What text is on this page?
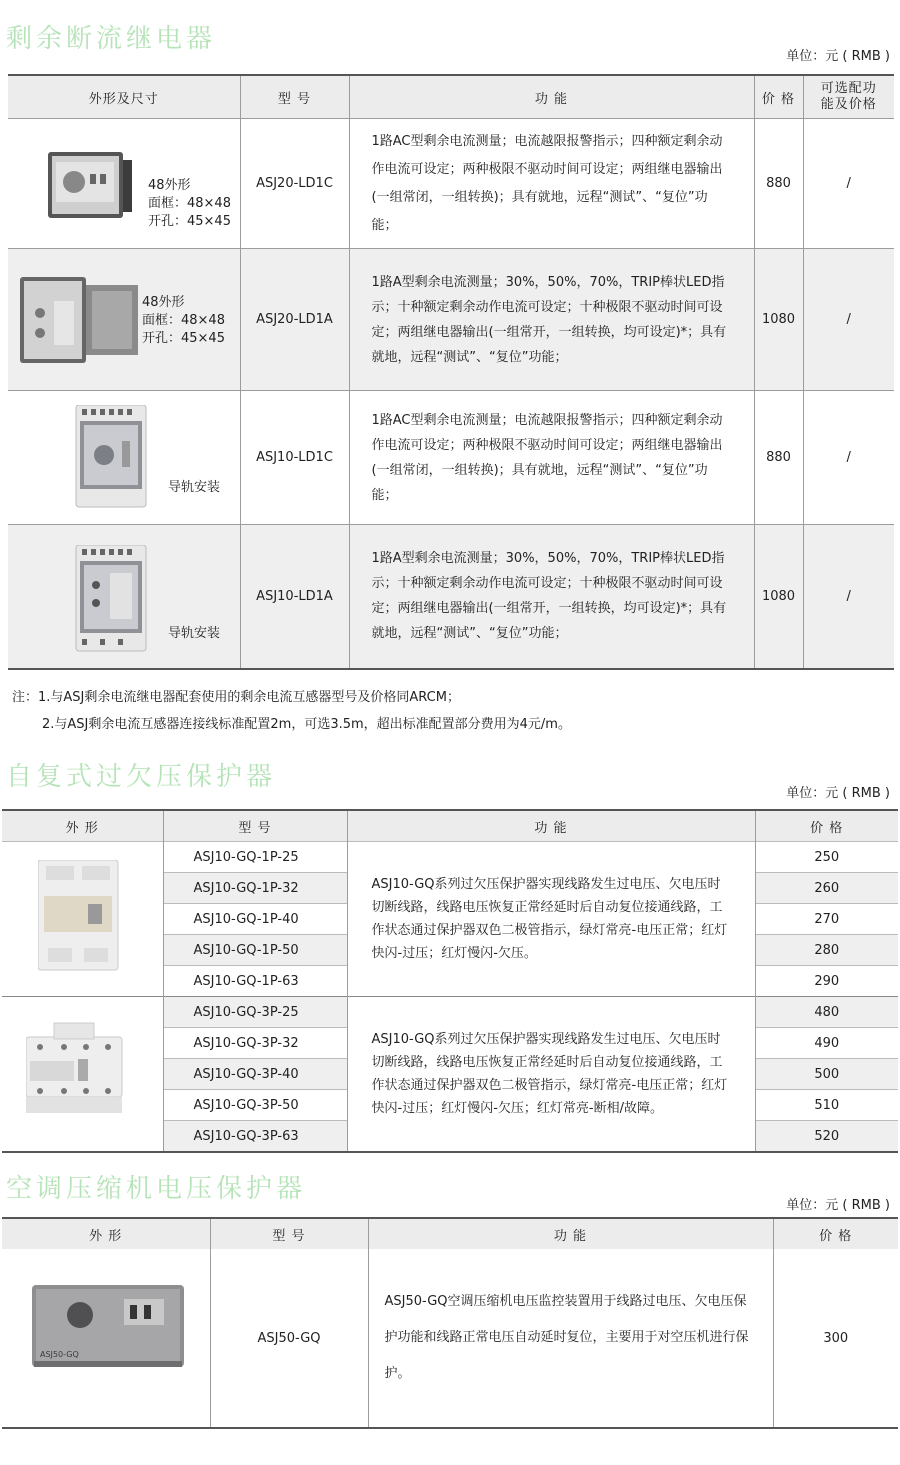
剩余断流继电器
单位：元 ( RMB )
外形及尺寸	型 号	功 能	价 格	可选配功能及价格

48外形
面框：48×48
开孔：45×45	ASJ20-LD1C	1路AC型剩余电流测量；电流越限报警指示；四种额定剩余动作电流可设定；两种极限不驱动时间可设定；两组继电器输出(一组常闭，一组转换)；具有就地，远程“测试”、“复位”功能；	880	/

48外形
面框：48×48
开孔：45×45	ASJ20-LD1A	1路A型剩余电流测量；30%，50%，70%，TRIP棒状LED指示；十种额定剩余动作电流可设定；十种极限不驱动时间可设定；两组继电器输出(一组常开，一组转换，均可设定)*；具有就地，远程“测试”、“复位”功能；	1080	/

导轨安装	ASJ10-LD1C	1路AC型剩余电流测量；电流越限报警指示；四种额定剩余动作电流可设定；两种极限不驱动时间可设定；两组继电器输出(一组常闭，一组转换)；具有就地，远程“测试”、“复位”功能；	880	/

导轨安装	ASJ10-LD1A	1路A型剩余电流测量；30%，50%，70%，TRIP棒状LED指示；十种额定剩余动作电流可设定；十种极限不驱动时间可设定；两组继电器输出(一组常开，一组转换，均可设定)*；具有就地，远程“测试”、“复位”功能；	1080	/
注：1.与ASJ剩余电流继电器配套使用的剩余电流互感器型号及价格同ARCM；
2.与ASJ剩余电流互感器连接线标准配置2m，可选3.5m，超出标准配置部分费用为4元/m。
自复式过欠压保护器
单位：元 ( RMB )
外 形	型 号	功 能	价 格

	ASJ10-GQ-1P-25	ASJ10-GQ系列过欠压保护器实现线路发生过电压、欠电压时切断线路，线路电压恢复正常经延时后自动复位接通线路，工作状态通过保护器双色二极管指示，绿灯常亮-电压正常；红灯快闪-过压；红灯慢闪-欠压。	250
	ASJ10-GQ-1P-32		260
	ASJ10-GQ-1P-40		270
	ASJ10-GQ-1P-50		280
	ASJ10-GQ-1P-63		290

	ASJ10-GQ-3P-25	ASJ10-GQ系列过欠压保护器实现线路发生过电压、欠电压时切断线路，线路电压恢复正常经延时后自动复位接通线路，工作状态通过保护器双色二极管指示，绿灯常亮-电压正常；红灯快闪-过压；红灯慢闪-欠压；红灯常亮-断相/故障。	480
	ASJ10-GQ-3P-32		490
	ASJ10-GQ-3P-40		500
	ASJ10-GQ-3P-50		510
	ASJ10-GQ-3P-63		520
空调压缩机电压保护器
单位：元 ( RMB )
外 形	型 号	功 能	价 格

ASJ50-GQ	ASJ50-GQ	ASJ50-GQ空调压缩机电压监控装置用于线路过电压、欠电压保护功能和线路正常电压自动延时复位，主要用于对空压机进行保护。	300
